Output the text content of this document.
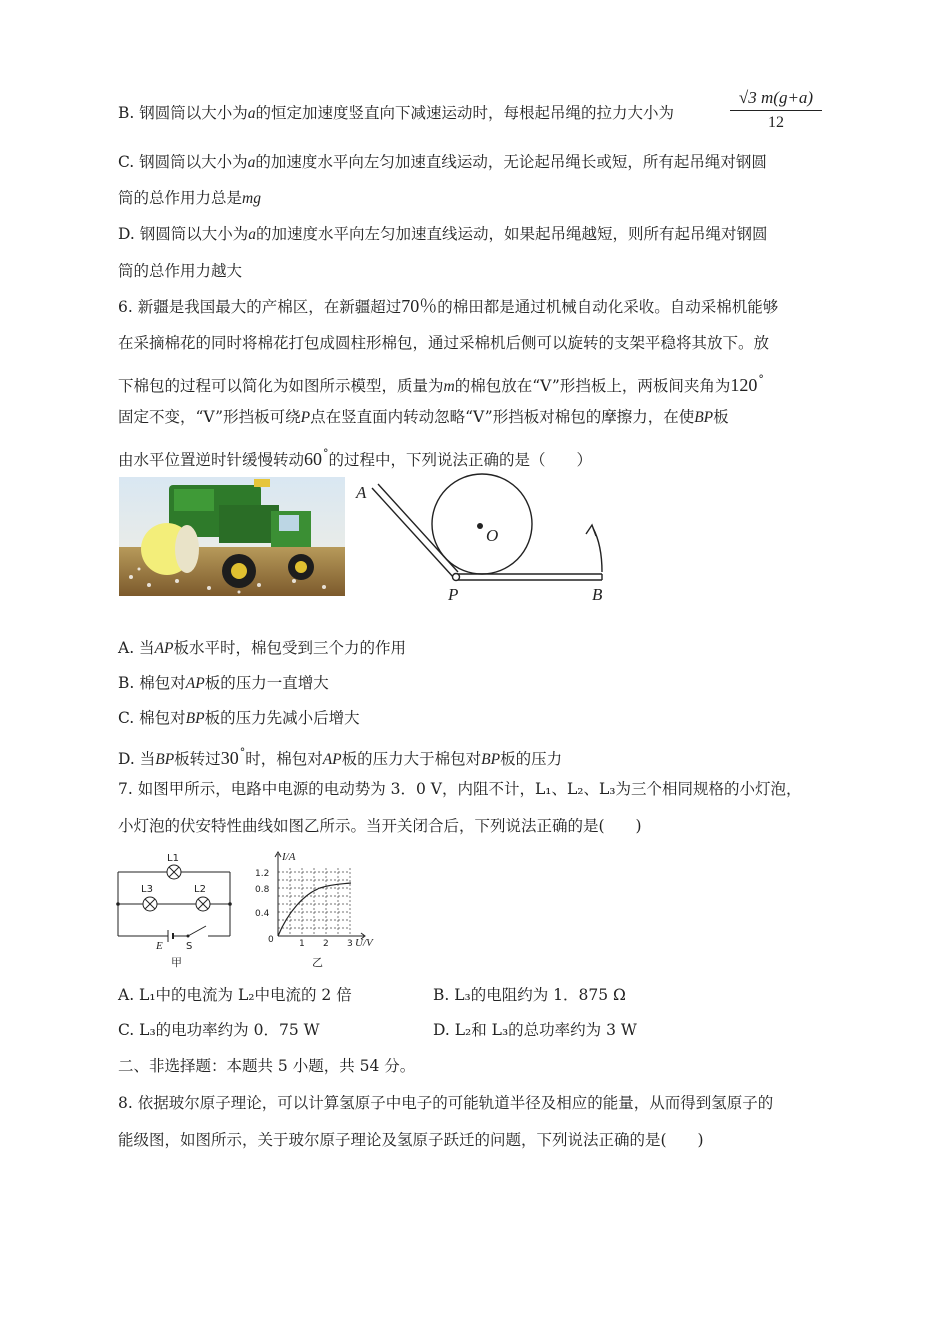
B. 钢圆筒以大小为a的恒定加速度竖直向下减速运动时，每根起吊绳的拉力大小为	$\frac{√3 m(g+a)}{12}$
C. 钢圆筒以大小为a的加速度水平向左匀加速直线运动，无论起吊绳长或短，所有起吊绳对钢圆
筒的总作用力总是mg
D. 钢圆筒以大小为a的加速度水平向左匀加速直线运动，如果起吊绳越短，则所有起吊绳对钢圆
筒的总作用力越大
6. 新疆是我国最大的产棉区，在新疆超过70％的棉田都是通过机械自动化采收。自动采棉机能够
在采摘棉花的同时将棉花打包成圆柱形棉包，通过采棉机后侧可以旋转的支架平稳将其放下。放
下棉包的过程可以简化为如图所示模型，质量为m的棉包放在“V”形挡板上，两板间夹角为120°
固定不变，“V”形挡板可绕P点在竖直面内转动忽略“V”形挡板对棉包的摩擦力，在使BP板
由水平位置逆时针缓慢转动60°的过程中，下列说法正确的是（　　）
A
O
P	B
A. 当AP板水平时，棉包受到三个力的作用
B. 棉包对AP板的压力一直增大
C. 棉包对BP板的压力先减小后增大
D. 当BP板转过30°时，棉包对AP板的压力大于棉包对BP板的压力
7. 如图甲所示，电路中电源的电动势为 3．0 V，内阻不计，L₁、L₂、L₃为三个相同规格的小灯泡，
小灯泡的伏安特性曲线如图乙所示。当开关闭合后，下列说法正确的是(　　)
L1
L3	L2
E S
甲
I/A
1.2
0.8
0.4
0	1 2 3 U/V
乙
A. L₁中的电流为 L₂中电流的 2 倍	B. L₃的电阻约为 1．875 Ω
C. L₃的电功率约为 0．75 W	D. L₂和 L₃的总功率约为 3 W
二、非选择题：本题共 5 小题，共 54 分。
8. 依据玻尔原子理论，可以计算氢原子中电子的可能轨道半径及相应的能量，从而得到氢原子的
能级图，如图所示，关于玻尔原子理论及氢原子跃迁的问题，下列说法正确的是(　　)
